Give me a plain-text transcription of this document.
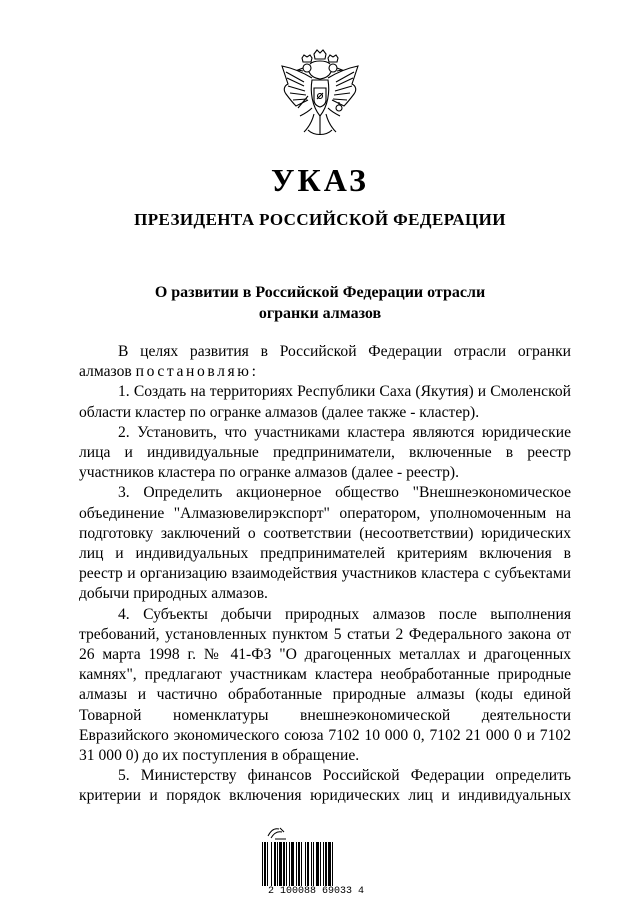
УКАЗ
ПРЕЗИДЕНТА РОССИЙСКОЙ ФЕДЕРАЦИИ
О развитии в Российской Федерации отрасли
огранки алмазов

В целях развития в Российской Федерации отрасли огранки алмазов постановляю:

1. Создать на территориях Республики Саха (Якутия) и Смоленской области кластер по огранке алмазов (далее также - кластер).

2. Установить, что участниками кластера являются юридические лица и индивидуальные предприниматели, включенные в реестр участников кластера по огранке алмазов (далее - реестр).

3. Определить акционерное общество "Внешнеэкономическое объединение "Алмазювелирэкспорт" оператором, уполномоченным на подготовку заключений о соответствии (несоответствии) юридических лиц и индивидуальных предпринимателей критериям включения в реестр и организацию взаимодействия участников кластера с субъектами добычи природных алмазов.

4. Субъекты добычи природных алмазов после выполнения требований, установленных пунктом 5 статьи 2 Федерального закона от 26 марта 1998 г. № 41-ФЗ "О драгоценных металлах и драгоценных камнях", предлагают участникам кластера необработанные природные алмазы и частично обработанные природные алмазы (коды единой Товарной номенклатуры внешнеэкономической деятельности Евразийского экономического союза 7102 10 000 0, 7102 21 000 0 и 7102 31 000 0) до их поступления в обращение.

5. Министерству финансов Российской Федерации определить критерии и порядок включения юридических лиц и индивидуальных

2 100088 69033 4
